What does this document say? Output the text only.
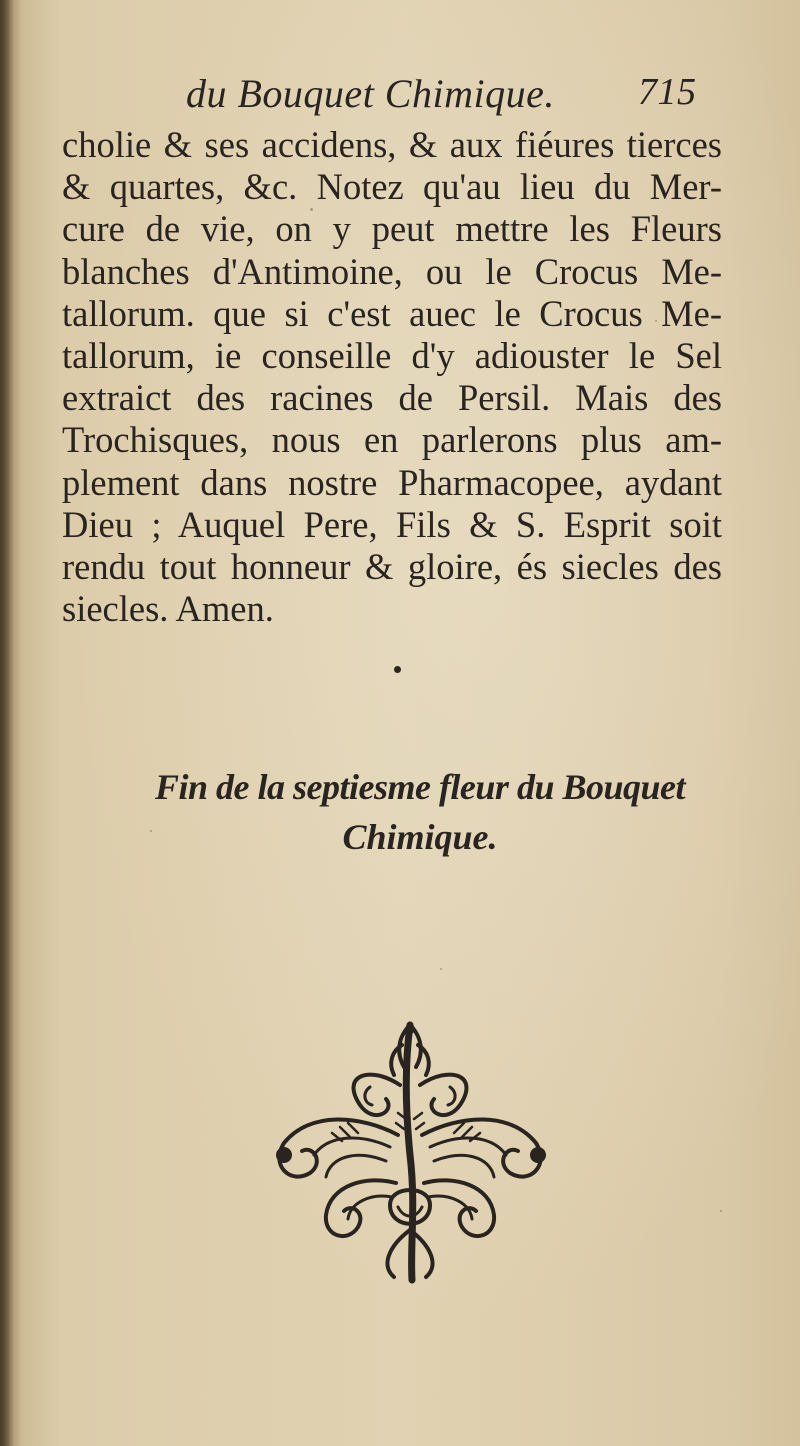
du Bouquet Chimique. 715
cholie & ses accidens, & aux fiéures tierces
& quartes, &c. Notez qu'au lieu du Mer-
cure de vie, on y peut mettre les Fleurs
blanches d'Antimoine, ou le Crocus Me-
tallorum. que si c'est auec le Crocus Me-
tallorum, ie conseille d'y adiouster le Sel
extraict des racines de Persil. Mais des
Trochisques, nous en parlerons plus am-
plement dans nostre Pharmacopee, aydant
Dieu ; Auquel Pere, Fils & S. Esprit soit
rendu tout honneur & gloire, és siecles des
siecles. Amen.
Fin de la septiesme fleur du Bouquet
Chimique.
